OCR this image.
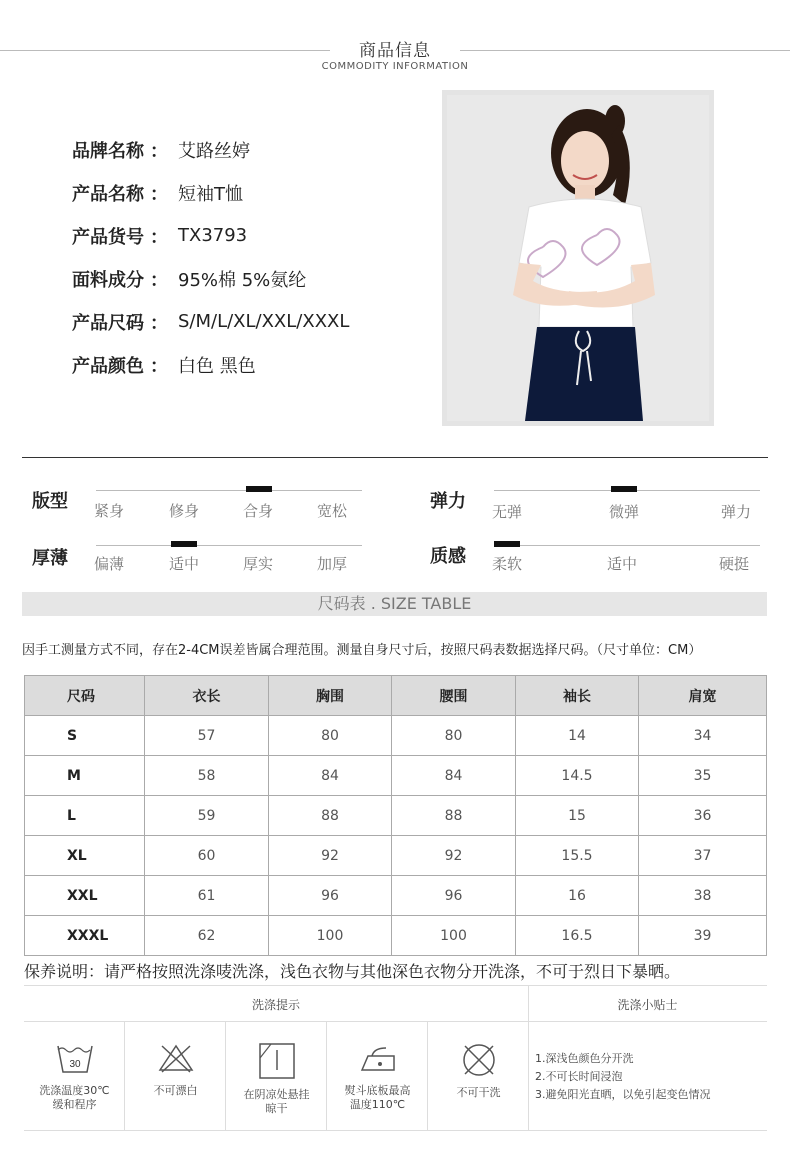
商品信息
COMMODITY INFORMATION
品牌名称 ： 艾路丝婷
产品名称 ： 短袖T恤
产品货号 ： TX3793
面料成分 ： 95%棉 5%氨纶
产品尺码 ： S/M/L/XL/XXL/XXXL
产品颜色 ： 白色 黑色
版型 紧身	修身	合身	宽松	弹力 无弹	微弹	弹力
厚薄 偏薄	适中	厚实	加厚	质感 柔软	适中	硬挺
尺码表 . SIZE TABLE
因手工测量方式不同，存在2-4CM误差皆属合理范围。测量自身尺寸后，按照尺码表数据选择尺码。（尺寸单位：CM）
尺码	衣长	胸围	腰围	袖长	肩宽
S	57	80	80	14	34
M	58	84	84	14.5	35
L	59	88	88	15	36
XL	60	92	92	15.5	37
XXL	61	96	96	16	38
XXXL	62	100	100	16.5	39
保养说明：请严格按照洗涤唛洗涤，浅色衣物与其他深色衣物分开洗涤，不可于烈日下暴晒。
洗涤提示	洗涤小贴士
30
洗涤温度30℃
缓和程序
不可漂白	在阴凉处悬挂
晾干
熨斗底板最高
温度110℃
不可干洗

1.深浅色颜色分开洗
2.不可长时间浸泡
3.避免阳光直晒，以免引起变色情况
